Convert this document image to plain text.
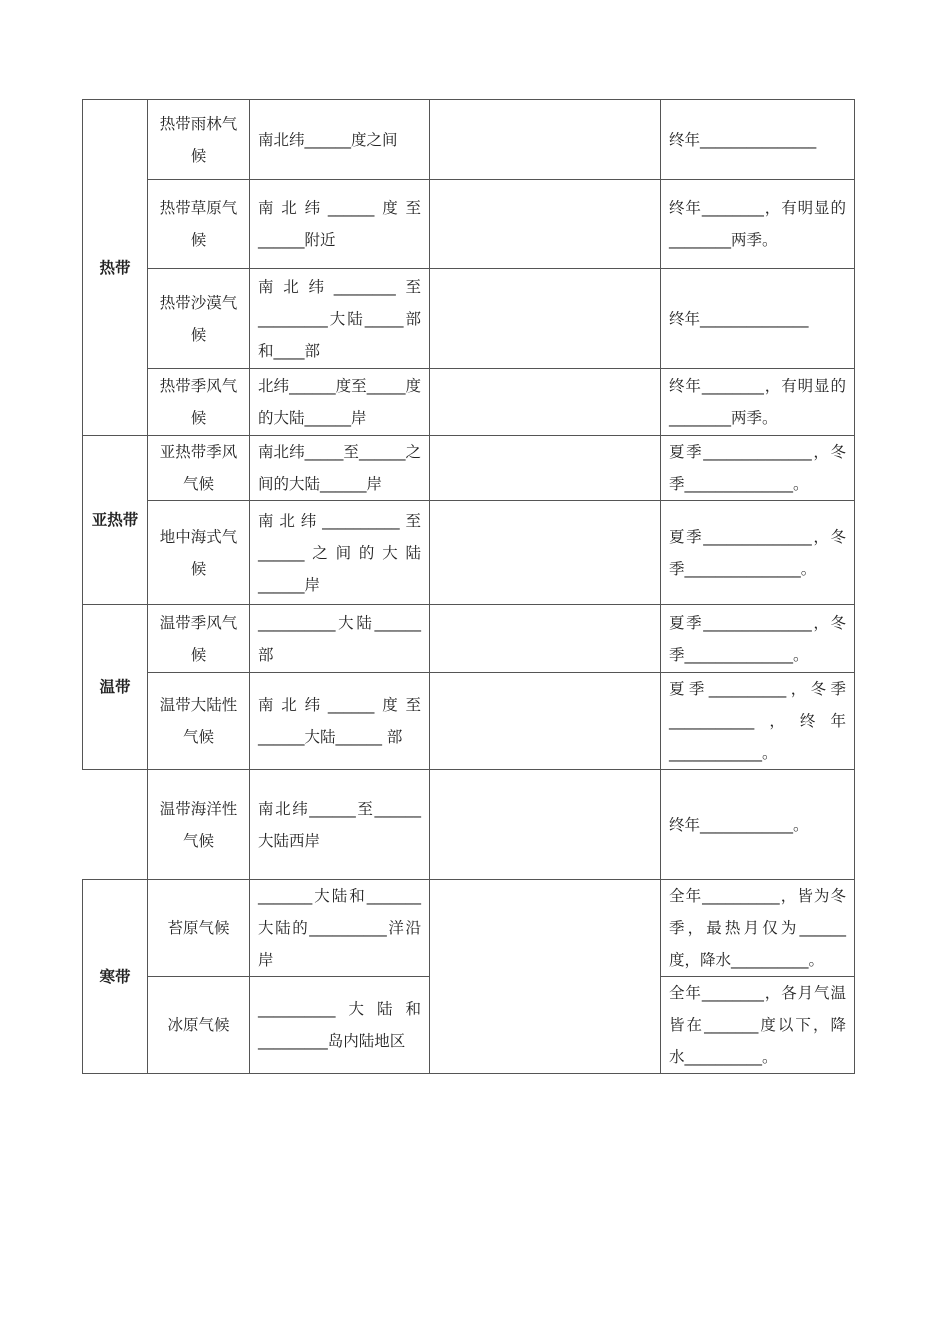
热带	热带雨林气候	南北纬______度之间		终年_______________
	热带草原气候	南北纬______度至______附近		终年________，有明显的________两季。
	热带沙漠气候	南北纬________至_________大陆_____部和____部		终年______________
	热带季风气候	北纬______度至_____度的大陆______岸		终年________，有明显的________两季。
亚热带	亚热带季风气候	南北纬_____至______之间的大陆______岸		夏季______________，冬季______________。
	地中海式气候	南北纬__________至______之间的大陆______岸		夏季______________，冬季_______________。
温带	温带季风气候	__________大陆______部		夏季______________，冬季______________。
	温带大陆性气候	南北纬______度至______大陆______ 部		夏季__________，冬季___________，终年____________。
	温带海洋性气候	南北纬______至______大陆西岸		终年____________。
寒带	苔原气候	_______大陆和_______大陆的__________洋沿岸		全年__________，皆为冬季，最热月仅为______度，降水__________。
	冰原气候	__________大陆和_________岛内陆地区		全年________，各月气温皆在_______度以下，降水__________。
